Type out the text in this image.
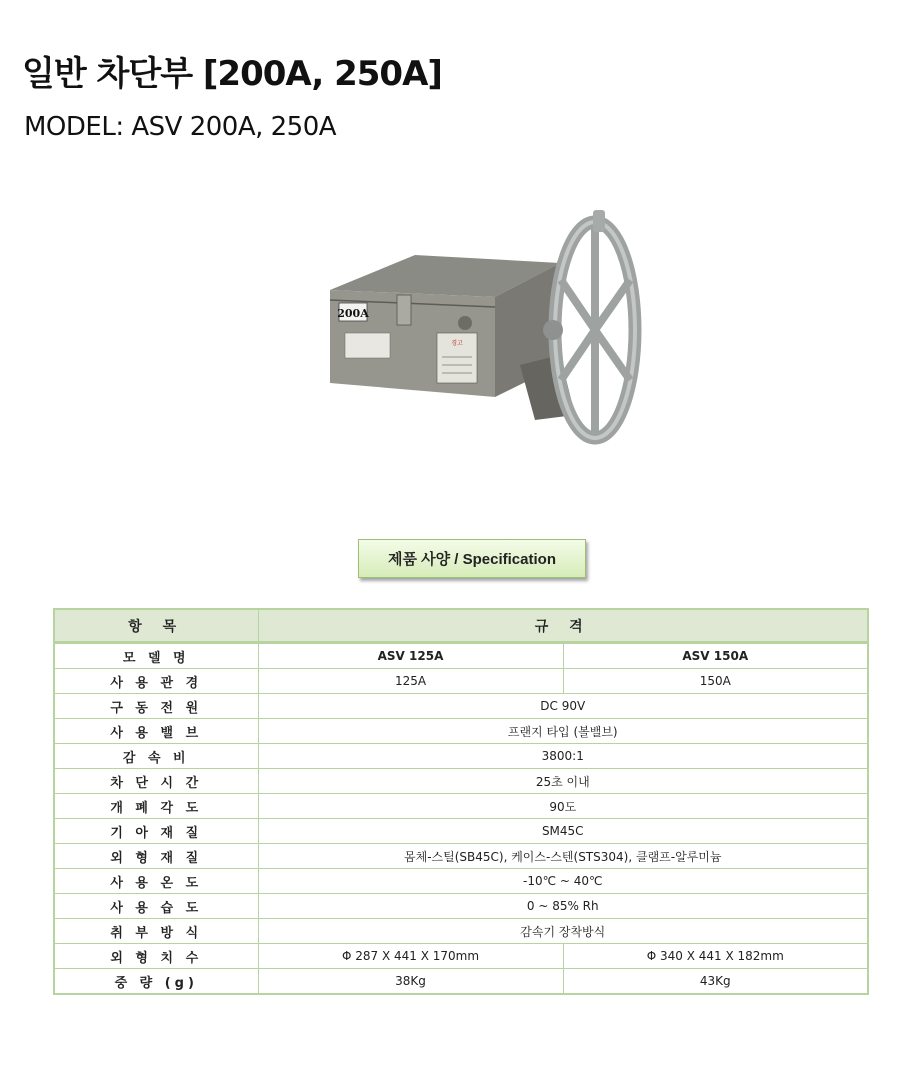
일반 차단부 [200A, 250A]
MODEL: ASV 200A, 250A
200A
경고
제품 사양 / Specification
항 목	규 격	
모 델 명	ASV 125A	ASV 150A
사 용 관 경	125A	150A
구 동 전 원	DC 90V	
사 용 밸 브	프랜지 타입 (볼밸브)	
감 속 비	3800:1	
차 단 시 간	25초 이내	
개 폐 각 도	90도	
기 아 재 질	SM45C	
외 형 재 질	몸체-스틸(SB45C), 케이스-스텐(STS304), 클램프-알루미늄	
사 용 온 도	-10℃ ~ 40℃	
사 용 습 도	0 ~ 85% Rh	
취 부 방 식	감속기 장착방식	
외 형 치 수	Φ 287 X 441 X 170mm	Φ 340 X 441 X 182mm
중 량 (g)	38Kg	43Kg
